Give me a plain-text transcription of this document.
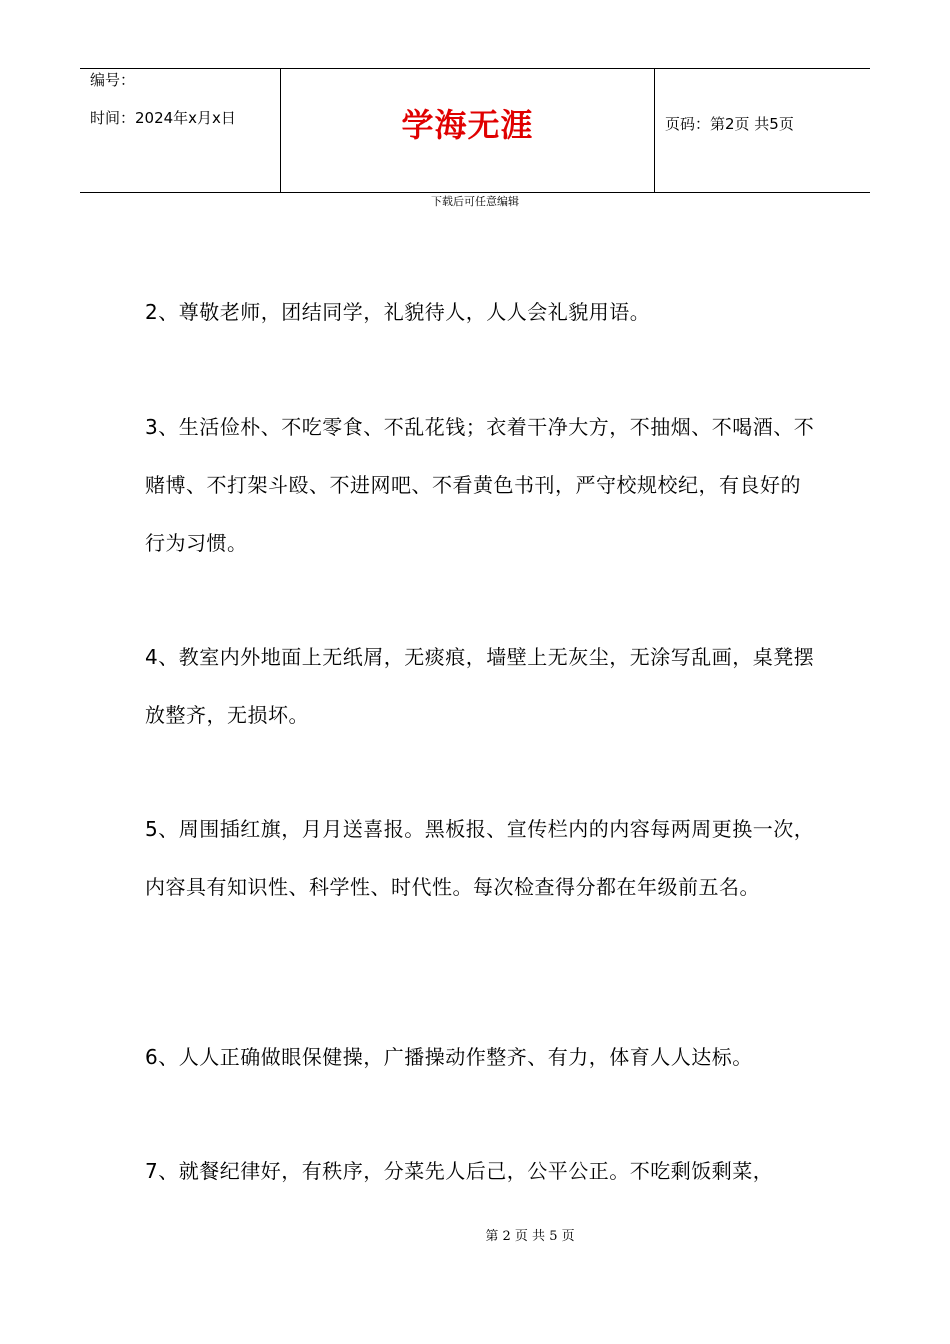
编号：
时间：2024年x月x日	学海无涯	页码：第2页 共5页
下载后可任意编辑
2、尊敬老师，团结同学，礼貌待人，人人会礼貌用语。
3、生活俭朴、不吃零食、不乱花钱；衣着干净大方，不抽烟、不喝酒、不赌博、不打架斗殴、不进网吧、不看黄色书刊，严守校规校纪，有良好的行为习惯。
4、教室内外地面上无纸屑，无痰痕，墙壁上无灰尘，无涂写乱画，桌凳摆放整齐，无损坏。
5、周围插红旗，月月送喜报。黑板报、宣传栏内的内容每两周更换一次，内容具有知识性、科学性、时代性。每次检查得分都在年级前五名。
6、人人正确做眼保健操，广播操动作整齐、有力，体育人人达标。
7、就餐纪律好，有秩序，分菜先人后己，公平公正。不吃剩饭剩菜，
第 2 页 共 5 页
